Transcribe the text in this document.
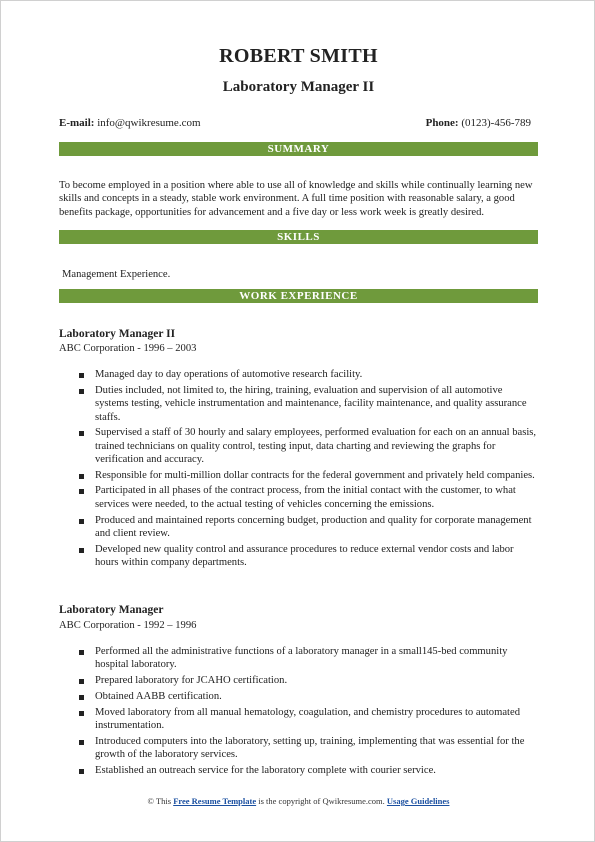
ROBERT SMITH
Laboratory Manager II
E-mail: info@qwikresume.com	Phone: (0123)-456-789
SUMMARY
To become employed in a position where able to use all of knowledge and skills while continually learning new skills and concepts in a steady, stable work environment. A full time position with reasonable salary, a good benefits package, opportunities for advancement and a five day or less work week is greatly desired.
SKILLS
Management Experience.
WORK EXPERIENCE
Laboratory Manager II
ABC Corporation - 1996 – 2003
Managed day to day operations of automotive research facility.
Duties included, not limited to, the hiring, training, evaluation and supervision of all automotive systems testing, vehicle instrumentation and maintenance, facility maintenance, and quality assurance staffs.
Supervised a staff of 30 hourly and salary employees, performed evaluation for each on an annual basis, trained technicians on quality control, testing input, data charting and reviewing the graphs for verification and accuracy.
Responsible for multi-million dollar contracts for the federal government and privately held companies.
Participated in all phases of the contract process, from the initial contact with the customer, to what services were needed, to the actual testing of vehicles concerning the emissions.
Produced and maintained reports concerning budget, production and quality for corporate management and client review.
Developed new quality control and assurance procedures to reduce external vendor costs and labor hours within company departments.
Laboratory Manager
ABC Corporation - 1992 – 1996
Performed all the administrative functions of a laboratory manager in a small145-bed community hospital laboratory.
Prepared laboratory for JCAHO certification.
Obtained AABB certification.
Moved laboratory from all manual hematology, coagulation, and chemistry procedures to automated instrumentation.
Introduced computers into the laboratory, setting up, training, implementing that was essential for the growth of the laboratory services.
Established an outreach service for the laboratory complete with courier service.
© This Free Resume Template is the copyright of Qwikresume.com. Usage Guidelines
